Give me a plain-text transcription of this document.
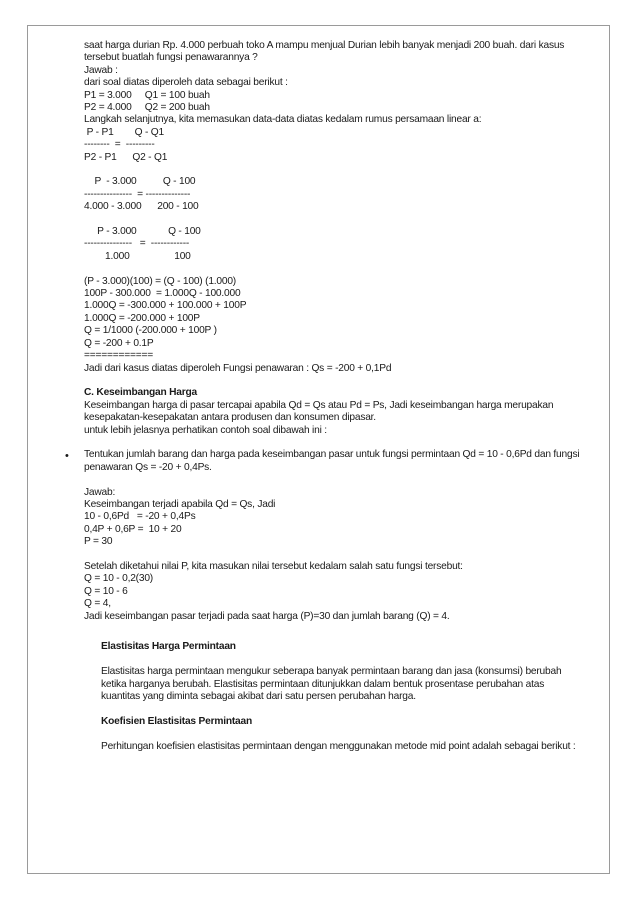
saat harga durian Rp. 4.000 perbuah toko A mampu menjual Durian lebih banyak menjadi 200 buah. dari kasus
tersebut buatlah fungsi penawarannya ?
Jawab :
dari soal diatas diperoleh data sebagai berikut :
P1 = 3.000     Q1 = 100 buah
P2 = 4.000     Q2 = 200 buah
Langkah selanjutnya, kita memasukan data-data diatas kedalam rumus persamaan linear a:
P - P1        Q - Q1
--------  =  ---------
P2 - P1      Q2 - Q1
P  - 3.000          Q - 100
---------------  = --------------
4.000 - 3.000      200 - 100
P - 3.000            Q - 100
---------------   =  ------------
1.000                 100
(P - 3.000)(100) = (Q - 100) (1.000)
100P - 300.000  = 1.000Q - 100.000
1.000Q = -300.000 + 100.000 + 100P
1.000Q = -200.000 + 100P
Q = 1/1000 (-200.000 + 100P )
Q = -200 + 0.1P
============
Jadi dari kasus diatas diperoleh Fungsi penawaran : Qs = -200 + 0,1Pd
C. Keseimbangan Harga
Keseimbangan harga di pasar tercapai apabila Qd = Qs atau Pd = Ps, Jadi keseimbangan harga merupakan
kesepakatan-kesepakatan antara produsen dan konsumen dipasar.
untuk lebih jelasnya perhatikan contoh soal dibawah ini :
• Tentukan jumlah barang dan harga pada keseimbangan pasar untuk fungsi permintaan Qd = 10 - 0,6Pd dan fungsi
penawaran Qs = -20 + 0,4Ps.
Jawab:
Keseimbangan terjadi apabila Qd = Qs, Jadi
10 - 0,6Pd   = -20 + 0,4Ps
0,4P + 0,6P =  10 + 20
P = 30
Setelah diketahui nilai P, kita masukan nilai tersebut kedalam salah satu fungsi tersebut:
Q = 10 - 0,2(30)
Q = 10 - 6
Q = 4,
Jadi keseimbangan pasar terjadi pada saat harga (P)=30 dan jumlah barang (Q) = 4.
Elastisitas Harga Permintaan
Elastisitas harga permintaan mengukur seberapa banyak permintaan barang dan jasa (konsumsi) berubah
ketika harganya berubah. Elastisitas permintaan ditunjukkan dalam bentuk prosentase perubahan atas
kuantitas yang diminta sebagai akibat dari satu persen perubahan harga.
Koefisien Elastisitas Permintaan
Perhitungan koefisien elastisitas permintaan dengan menggunakan metode mid point adalah sebagai berikut :
